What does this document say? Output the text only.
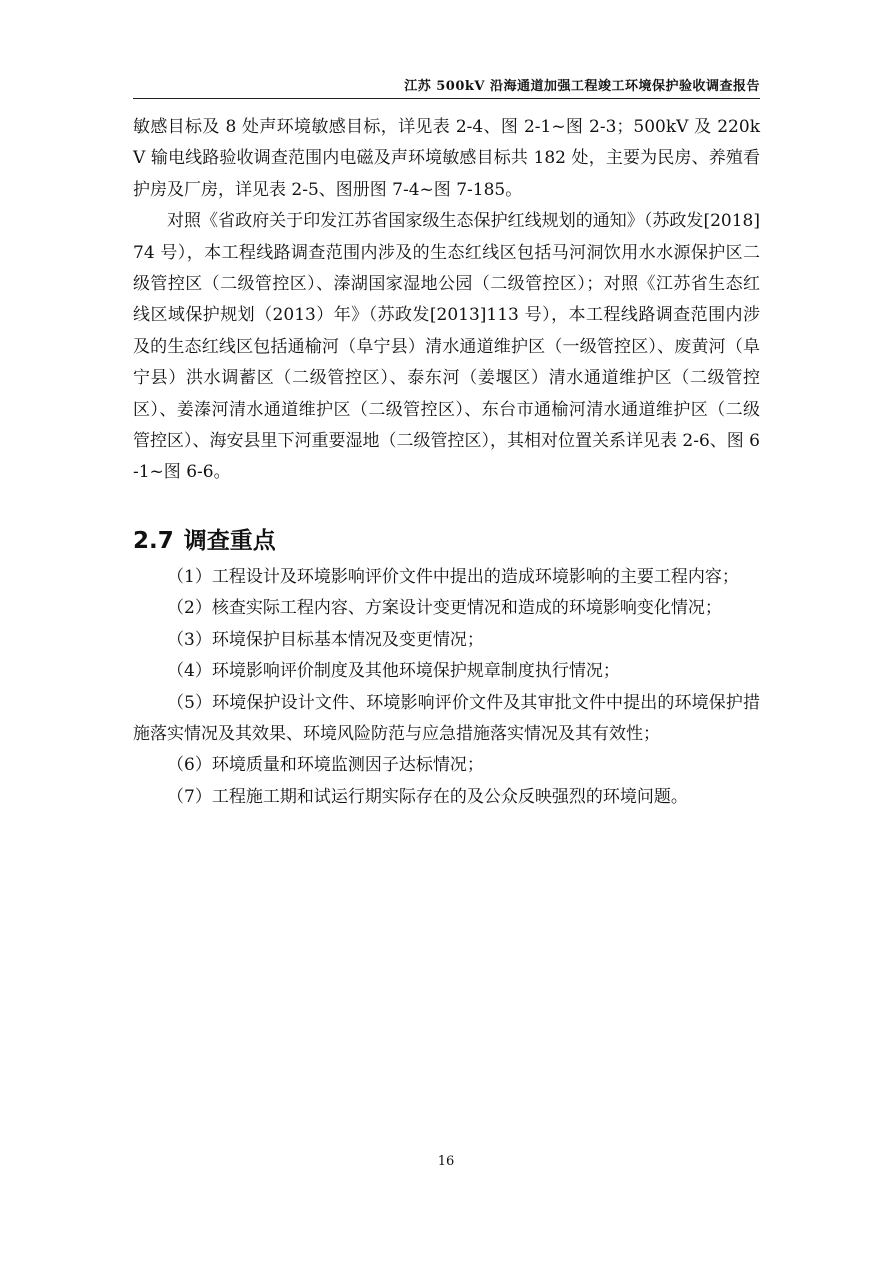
江苏 500kV 沿海通道加强工程竣工环境保护验收调查报告

敏感目标及 8 处声环境敏感目标，详见表 2-4、图 2-1~图 2-3；500kV 及 220kV 输电线路验收调查范围内电磁及声环境敏感目标共 182 处，主要为民房、养殖看护房及厂房，详见表 2-5、图册图 7-4~图 7-185。

对照《省政府关于印发江苏省国家级生态保护红线规划的通知》（苏政发[2018]74 号），本工程线路调查范围内涉及的生态红线区包括马河洞饮用水水源保护区二级管控区（二级管控区）、溱湖国家湿地公园（二级管控区）；对照《江苏省生态红线区域保护规划（2013）年》（苏政发[2013]113 号），本工程线路调查范围内涉及的生态红线区包括通榆河（阜宁县）清水通道维护区（一级管控区）、废黄河（阜宁县）洪水调蓄区（二级管控区）、泰东河（姜堰区）清水通道维护区（二级管控区）、姜溱河清水通道维护区（二级管控区）、东台市通榆河清水通道维护区（二级管控区）、海安县里下河重要湿地（二级管控区），其相对位置关系详见表 2-6、图 6-1~图 6-6。

2.7 调查重点

（1）工程设计及环境影响评价文件中提出的造成环境影响的主要工程内容；

（2）核查实际工程内容、方案设计变更情况和造成的环境影响变化情况；

（3）环境保护目标基本情况及变更情况；

（4）环境影响评价制度及其他环境保护规章制度执行情况；

（5）环境保护设计文件、环境影响评价文件及其审批文件中提出的环境保护措施落实情况及其效果、环境风险防范与应急措施落实情况及其有效性；

（6）环境质量和环境监测因子达标情况；

（7）工程施工期和试运行期实际存在的及公众反映强烈的环境问题。

16
